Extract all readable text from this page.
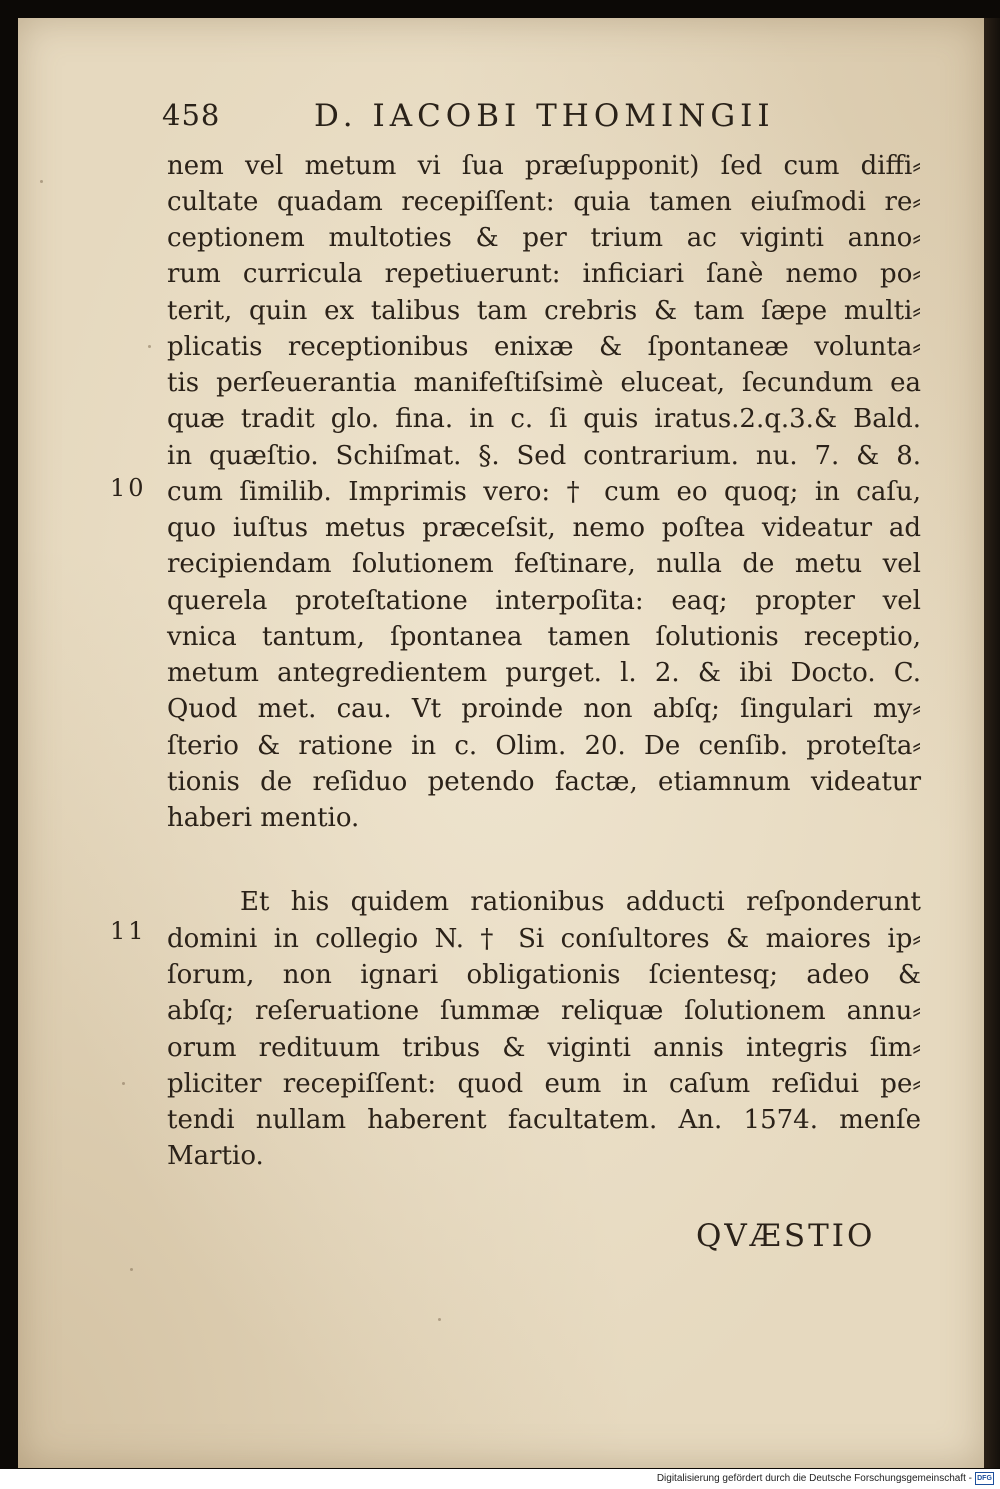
458	D. IACOBI THOMINGII
nem vel metum vi ſua præſupponit) ſed cum diffi⸗
cultate quadam recepiſſent: quia tamen eiuſmodi re⸗
ceptionem multoties & per trium ac viginti anno⸗
rum curricula repetiuerunt: inficiari ſanè nemo po⸗
terit, quin ex talibus tam crebris & tam ſæpe multi⸗
plicatis receptionibus enixæ & ſpontaneæ volunta⸗
tis perſeuerantia manifeſtiſsimè eluceat, ſecundum ea
quæ tradit glo. fina. in c. ſi quis iratus.2.q.3.& Bald.
in quæſtio. Schiſmat. §. Sed contrarium. nu. 7. & 8.
cum ſimilib. Imprimis vero: † cum eo quoq; in caſu,
quo iuſtus metus præceſsit, nemo poſtea videatur ad
recipiendam ſolutionem feſtinare, nulla de metu vel
querela proteſtatione interpoſita: eaq; propter vel
vnica tantum, ſpontanea tamen ſolutionis receptio,
metum antegredientem purget. l. 2. & ibi Docto. C.
Quod met. cau. Vt proinde non abſq; ſingulari my⸗
ſterio & ratione in c. Olim. 20. De cenſib. proteſta⸗
tionis de reſiduo petendo factæ, etiamnum videatur
haberi mentio.
Et his quidem rationibus adducti reſponderunt
domini in collegio N. † Si conſultores & maiores ip⸗
ſorum, non ignari obligationis ſcientesq; adeo &
abſq; reſeruatione ſummæ reliquæ ſolutionem annu⸗
orum redituum tribus & viginti annis integris ſim⸗
pliciter recepiſſent: quod eum in caſum reſidui pe⸗
tendi nullam haberent facultatem. An. 1574. menſe
Martio.
10
11
QVÆSTIO
Digitalisierung gefördert durch die Deutsche Forschungsgemeinschaft - DFG
